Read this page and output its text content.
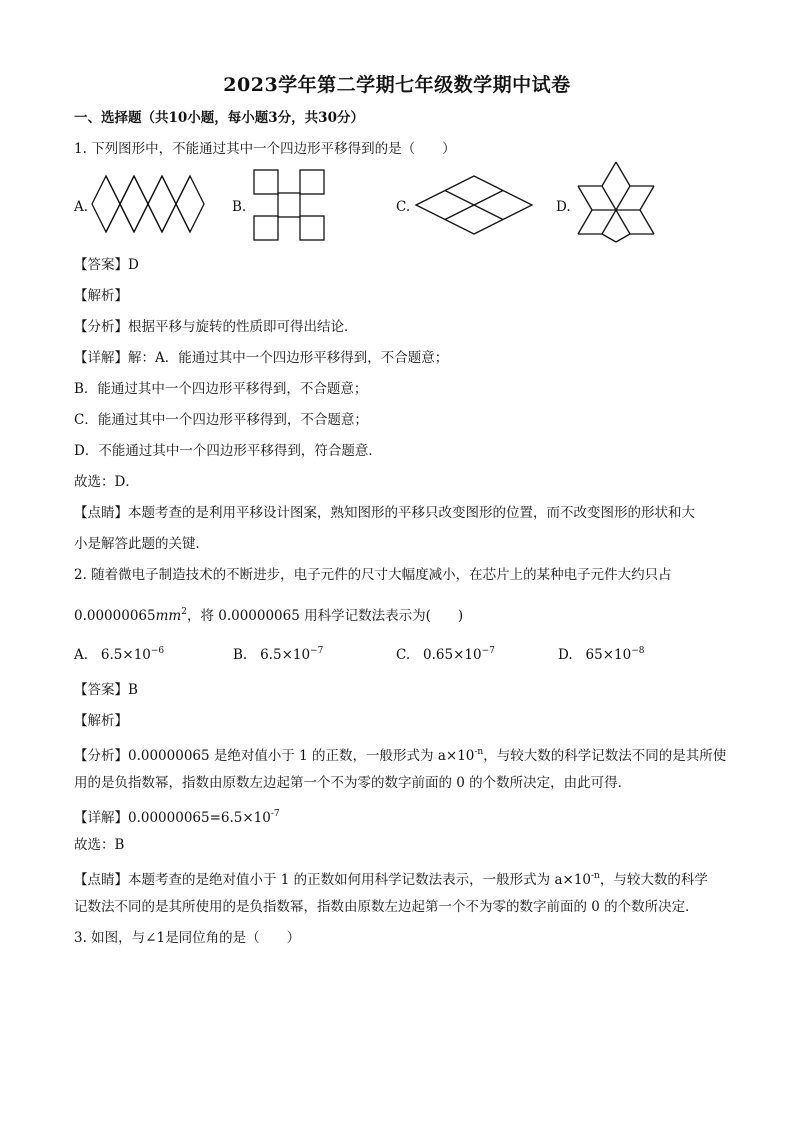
2023学年第二学期七年级数学期中试卷
一、选择题（共10小题，每小题3分，共30分）
1. 下列图形中，不能通过其中一个四边形平移得到的是（　　）
A.	B.	C.	D.
【答案】D
【解析】
【分析】根据平移与旋转的性质即可得出结论．
【详解】解：A．能通过其中一个四边形平移得到，不合题意；
B．能通过其中一个四边形平移得到，不合题意；
C．能通过其中一个四边形平移得到，不合题意；
D．不能通过其中一个四边形平移得到，符合题意．
故选：D．
【点睛】本题考查的是利用平移设计图案，熟知图形的平移只改变图形的位置，而不改变图形的形状和大
小是解答此题的关键．
2. 随着微电子制造技术的不断进步，电子元件的尺寸大幅度减小，在芯片上的某种电子元件大约只占
$0.00000065mm^2$，将 0.00000065 用科学记数法表示为(　　)
A. $6.5\times 10^{-6}$	B. $6.5\times 10^{-7}$	C. $0.65\times 10^{-7}$	D. $65\times 10^{-8}$
【答案】B
【解析】
【分析】0.00000065 是绝对值小于 1 的正数，一般形式为 $a\times 10^{-n}$，与较大数的科学记数法不同的是其所使
用的是负指数幂，指数由原数左边起第一个不为零的数字前面的 0 的个数所决定，由此可得．
【详解】$0.00000065=6.5\times 10^{-7}$
故选：B
【点睛】本题考查的是绝对值小于 1 的正数如何用科学记数法表示，一般形式为 $a\times 10^{-n}$，与较大数的科学
记数法不同的是其所使用的是负指数幂，指数由原数左边起第一个不为零的数字前面的 0 的个数所决定．
3. 如图，与∠1是同位角的是（　　）
